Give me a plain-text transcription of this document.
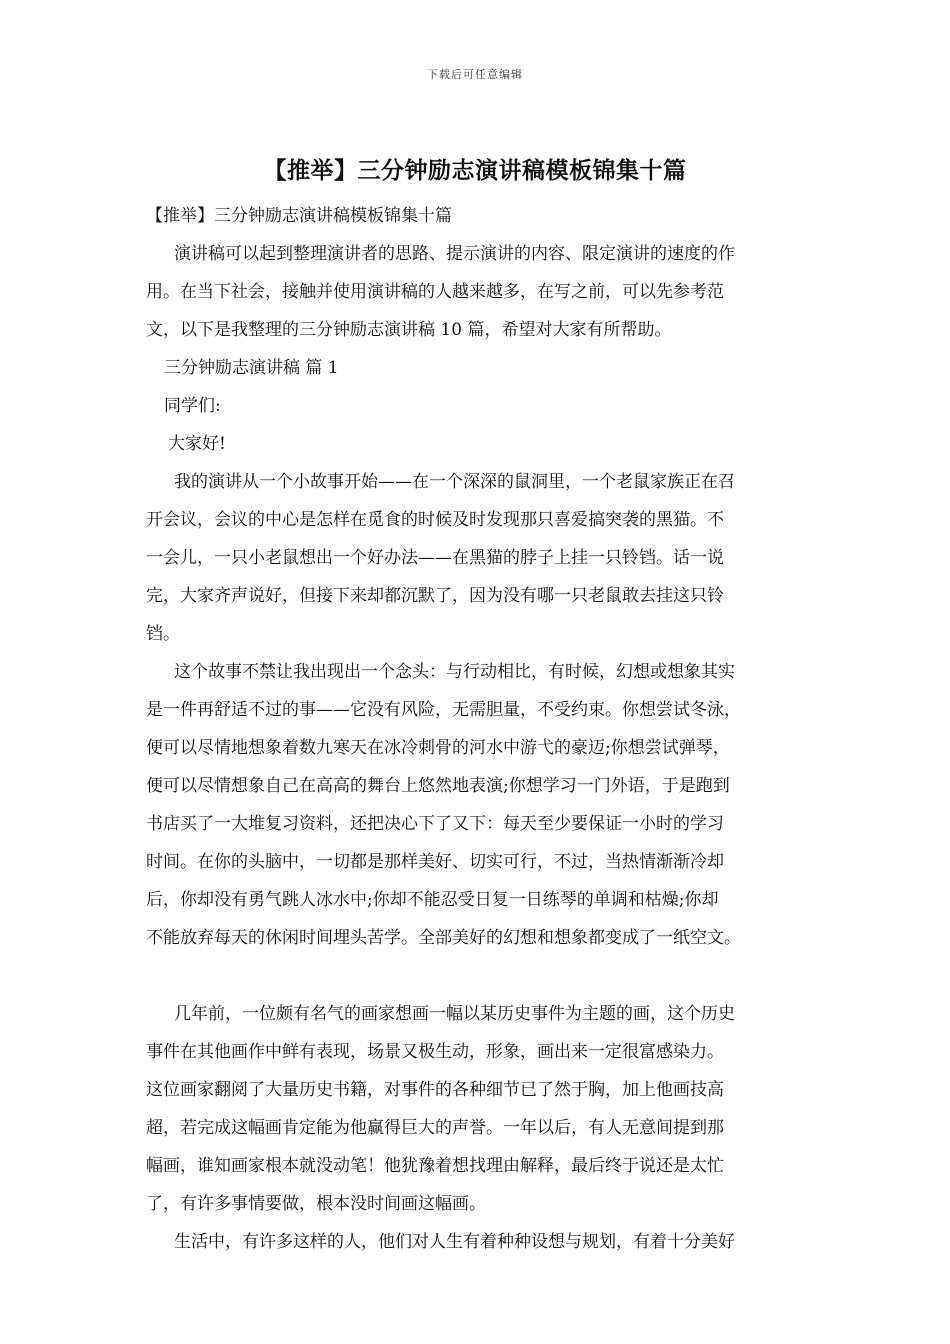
下载后可任意编辑
【推举】三分钟励志演讲稿模板锦集十篇
【推举】三分钟励志演讲稿模板锦集十篇
演讲稿可以起到整理演讲者的思路、提示演讲的内容、限定演讲的速度的作
用。在当下社会，接触并使用演讲稿的人越来越多，在写之前，可以先参考范
文，以下是我整理的三分钟励志演讲稿 10 篇，希望对大家有所帮助。
三分钟励志演讲稿 篇 1
同学们:
大家好!
我的演讲从一个小故事开始——在一个深深的鼠洞里，一个老鼠家族正在召
开会议，会议的中心是怎样在觅食的时候及时发现那只喜爱搞突袭的黑猫。不
一会儿，一只小老鼠想出一个好办法——在黑猫的脖子上挂一只铃铛。话一说
完，大家齐声说好，但接下来却都沉默了，因为没有哪一只老鼠敢去挂这只铃
铛。
这个故事不禁让我出现出一个念头：与行动相比，有时候，幻想或想象其实
是一件再舒适不过的事——它没有风险，无需胆量，不受约束。你想尝试冬泳，
便可以尽情地想象着数九寒天在冰冷刺骨的河水中游弋的豪迈;你想尝试弹琴，
便可以尽情想象自己在高高的舞台上悠然地表演;你想学习一门外语，于是跑到
书店买了一大堆复习资料，还把决心下了又下：每天至少要保证一小时的学习
时间。在你的头脑中，一切都是那样美好、切实可行，不过，当热情渐渐冷却
后，你却没有勇气跳人冰水中;你却不能忍受日复一日练琴的单调和枯燥;你却
不能放弃每天的休闲时间埋头苦学。全部美好的幻想和想象都变成了一纸空文。
几年前，一位颇有名气的画家想画一幅以某历史事件为主题的画，这个历史
事件在其他画作中鲜有表现，场景又极生动，形象，画出来一定很富感染力。
这位画家翻阅了大量历史书籍，对事件的各种细节已了然于胸，加上他画技高
超，若完成这幅画肯定能为他赢得巨大的声誉。一年以后，有人无意间提到那
幅画，谁知画家根本就没动笔！他犹豫着想找理由解释，最后终于说还是太忙
了，有许多事情要做，根本没时间画这幅画。
生活中，有许多这样的人，他们对人生有着种种设想与规划，有着十分美好
